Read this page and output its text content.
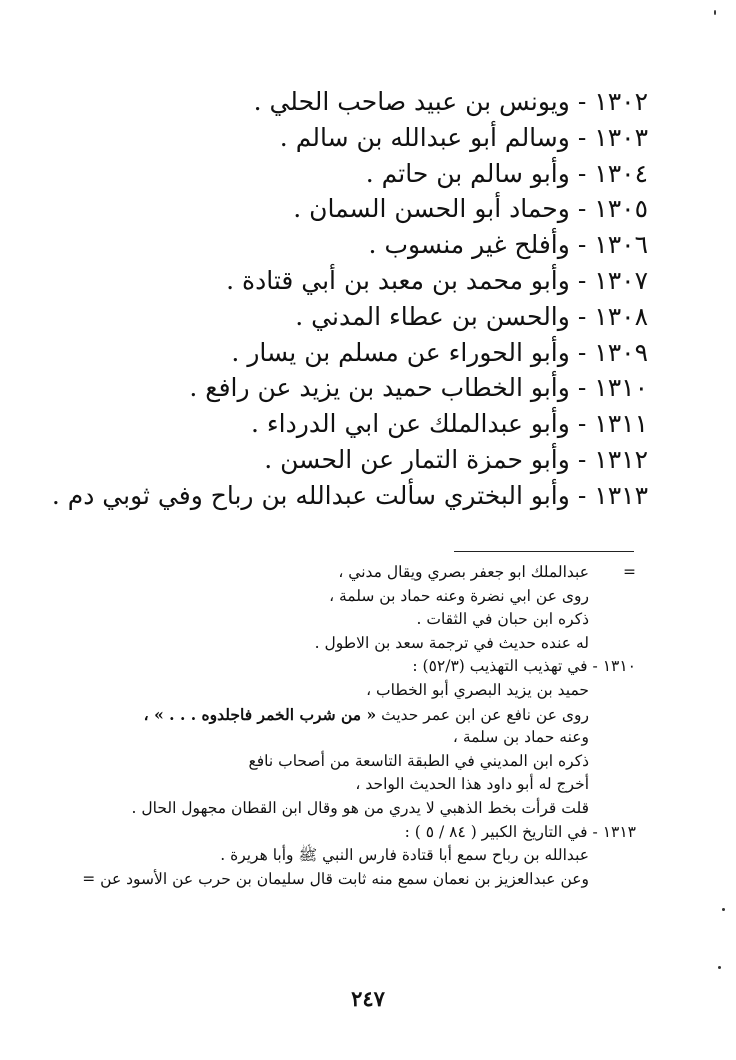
١٣٠٢-ويونس بن عبيد صاحب الحلي .
١٣٠٣-وسالم أبو عبدالله بن سالم .
١٣٠٤-وأبو سالم بن حاتم .
١٣٠٥-وحماد أبو الحسن السمان .
١٣٠٦-وأفلح غير منسوب .
١٣٠٧-وأبو محمد بن معبد بن أبي قتادة .
١٣٠٨-والحسن بن عطاء المدني .
١٣٠٩-وأبو الحوراء عن مسلم بن يسار .
١٣١٠-وأبو الخطاب حميد بن يزيد عن رافع .
١٣١١-وأبو عبدالملك عن ابي الدرداء .
١٣١٢-وأبو حمزة التمار عن الحسن .
١٣١٣-وأبو البختري سألت عبدالله بن رباح وفي ثوبي دم .
=عبدالملك ابو جعفر بصري ويقال مدني ،
روى عن ابي نضرة وعنه حماد بن سلمة ،
ذكره ابن حبان في الثقات .
له عنده حديث في ترجمة سعد بن الاطول .
١٣١٠ - في تهذيب التهذيب (٥٢/٣) :
حميد بن يزيد البصري أبو الخطاب ،
روى عن نافع عن ابن عمر حديث « من شرب الخمر فاجلدوه . . . » ،
وعنه حماد بن سلمة ،
ذكره ابن المديني في الطبقة التاسعة من أصحاب نافع
أخرج له أبو داود هذا الحديث الواحد ،
قلت قرأت بخط الذهبي لا يدري من هو وقال ابن القطان مجهول الحال .
١٣١٣ - في التاريخ الكبير ( ٨٤ / ٥ ) :
عبدالله بن رباح سمع أبا قتادة فارس النبي ﷺ وأبا هريرة .
وعن عبدالعزيز بن نعمان سمع منه ثابت قال سليمان بن حرب عن الأسود عن =
٢٤٧
